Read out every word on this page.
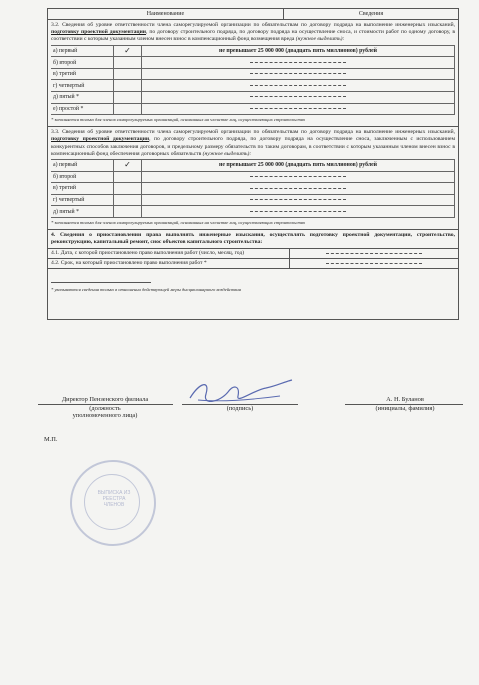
Наименование	Сведения

3.2. Сведения об уровне ответственности члена саморегулируемой организации по обязательствам по договору подряда на выполнение инженерных изысканий, подготовку проектной документации, по договору строительного подряда, по договору подряда на осуществление сноса, и стоимости работ по одному договору, в соответствии с которым указанным членом внесен взнос в компенсационный фонд возмещения вреда (нужное выделить):

а) первый	✓	не превышает 25 000 000 (двадцать пять миллионов) рублей
б) второй		
в) третий		
г) четвертый		
д) пятый *		
е) простой *		
* заполняется только для членов саморегулируемых организаций, основанных на членстве лиц, осуществляющих строительство

3.3. Сведения об уровне ответственности члена саморегулируемой организации по обязательствам по договору подряда на выполнение инженерных изысканий, подготовку проектной документации, по договору строительного подряда, по договору подряда на осуществление сноса, заключенным с использованием конкурентных способов заключения договоров, и предельному размеру обязательств по таким договорам, в соответствии с которым указанным членом внесен взнос в компенсационный фонд обеспечения договорных обязательств (нужное выделить):

а) первый	✓	не превышает 25 000 000 (двадцать пять миллионов) рублей
б) второй		
в) третий		
г) четвертый		
д) пятый *		
* заполняется только для членов саморегулируемых организаций, основанных на членстве лиц, осуществляющих строительство
4. Сведения о приостановлении права выполнять инженерные изыскания, осуществлять подготовку проектной документации, строительство, реконструкцию, капитальный ремонт, снос объектов капитального строительства:
4.1. Дата, с которой приостановлено право выполнения работ (число, месяц, год)
4.2. Срок, на который приостановлено право выполнения работ *
* указываются сведения только в отношении действующей меры дисциплинарного воздействия
Директор Пензенского филиала
(должность
уполномоченного лица)
(подпись)
А. Н. Буланов
(инициалы, фамилия)
М.П.
ВЫПИСКА ИЗ РЕЕСТРА ЧЛЕНОВ
